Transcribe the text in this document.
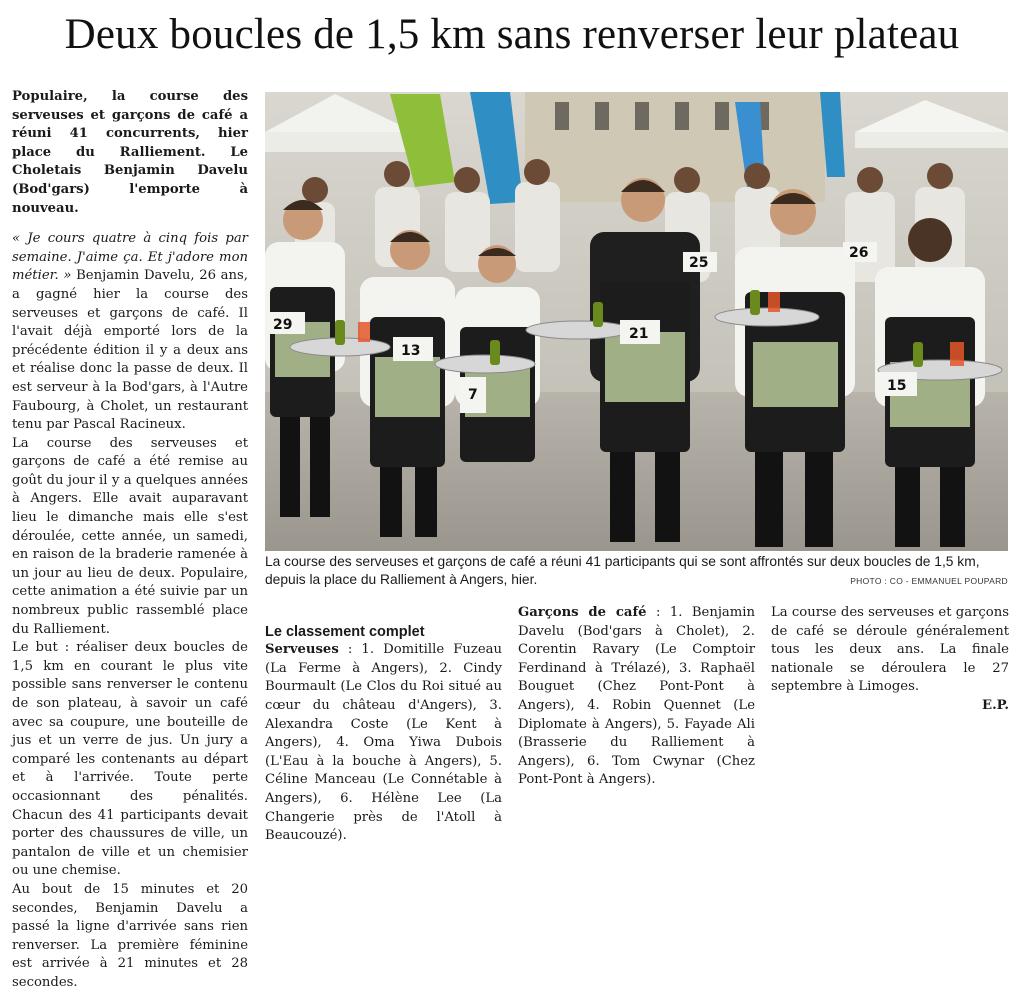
Deux boucles de 1,5 km sans renverser leur plateau

Populaire, la course des serveuses et garçons de café a réuni 41 concurrents, hier place du Ralliement. Le Choletais Benjamin Davelu (Bod'gars) l'emporte à nouveau.

« Je cours quatre à cinq fois par semaine. J'aime ça. Et j'adore mon métier. » Benjamin Davelu, 26 ans, a gagné hier la course des serveuses et garçons de café. Il l'avait déjà emporté lors de la précédente édition il y a deux ans et réalise donc la passe de deux. Il est serveur à la Bod'gars, à l'Autre Faubourg, à Cholet, un restaurant tenu par Pascal Racineux.

La course des serveuses et garçons de café a été remise au goût du jour il y a quelques années à Angers. Elle avait auparavant lieu le dimanche mais elle s'est déroulée, cette année, un samedi, en raison de la braderie ramenée à un jour au lieu de deux. Populaire, cette animation a été suivie par un nombreux public rassemblé place du Ralliement.

Le but : réaliser deux boucles de 1,5 km en courant le plus vite possible sans renverser le contenu de son plateau, à savoir un café avec sa coupure, une bouteille de jus et un verre de jus. Un jury a comparé les contenants au départ et à l'arrivée. Toute perte occasionnant des pénalités. Chacun des 41 participants devait porter des chaussures de ville, un pantalon de ville et un chemisier ou une chemise.

Au bout de 15 minutes et 20 secondes, Benjamin Davelu a passé la ligne d'arrivée sans rien renverser. La première féminine est arrivée à 21 minutes et 28 secondes.

29
13
7
21
25
26
15
La course des serveuses et garçons de café a réuni 41 participants qui se sont affrontés sur deux boucles de 1,5 km, depuis la place du Ralliement à Angers, hier.	PHOTO : CO - EMMANUEL POUPARD

Le classement complet

Serveuses : 1. Domitille Fuzeau (La Ferme à Angers), 2. Cindy Bourmault (Le Clos du Roi situé au cœur du château d'Angers), 3. Alexandra Coste (Le Kent à Angers), 4. Oma Yiwa Dubois (L'Eau à la bouche à Angers), 5. Céline Manceau (Le Connétable à Angers), 6. Hélène Lee (La Changerie près de l'Atoll à Beaucouzé).

Garçons de café : 1. Benjamin Davelu (Bod'gars à Cholet), 2. Corentin Ravary (Le Comptoir Ferdinand à Trélazé), 3. Raphaël Bouguet (Chez Pont-Pont à Angers), 4. Robin Quennet (Le Diplomate à Angers), 5. Fayade Ali (Brasserie du Ralliement à Angers), 6. Tom Cwynar (Chez Pont-Pont à Angers).

La course des serveuses et garçons de café se déroule généralement tous les deux ans. La finale nationale se déroulera le 27 septembre à Limoges.

E.P.
